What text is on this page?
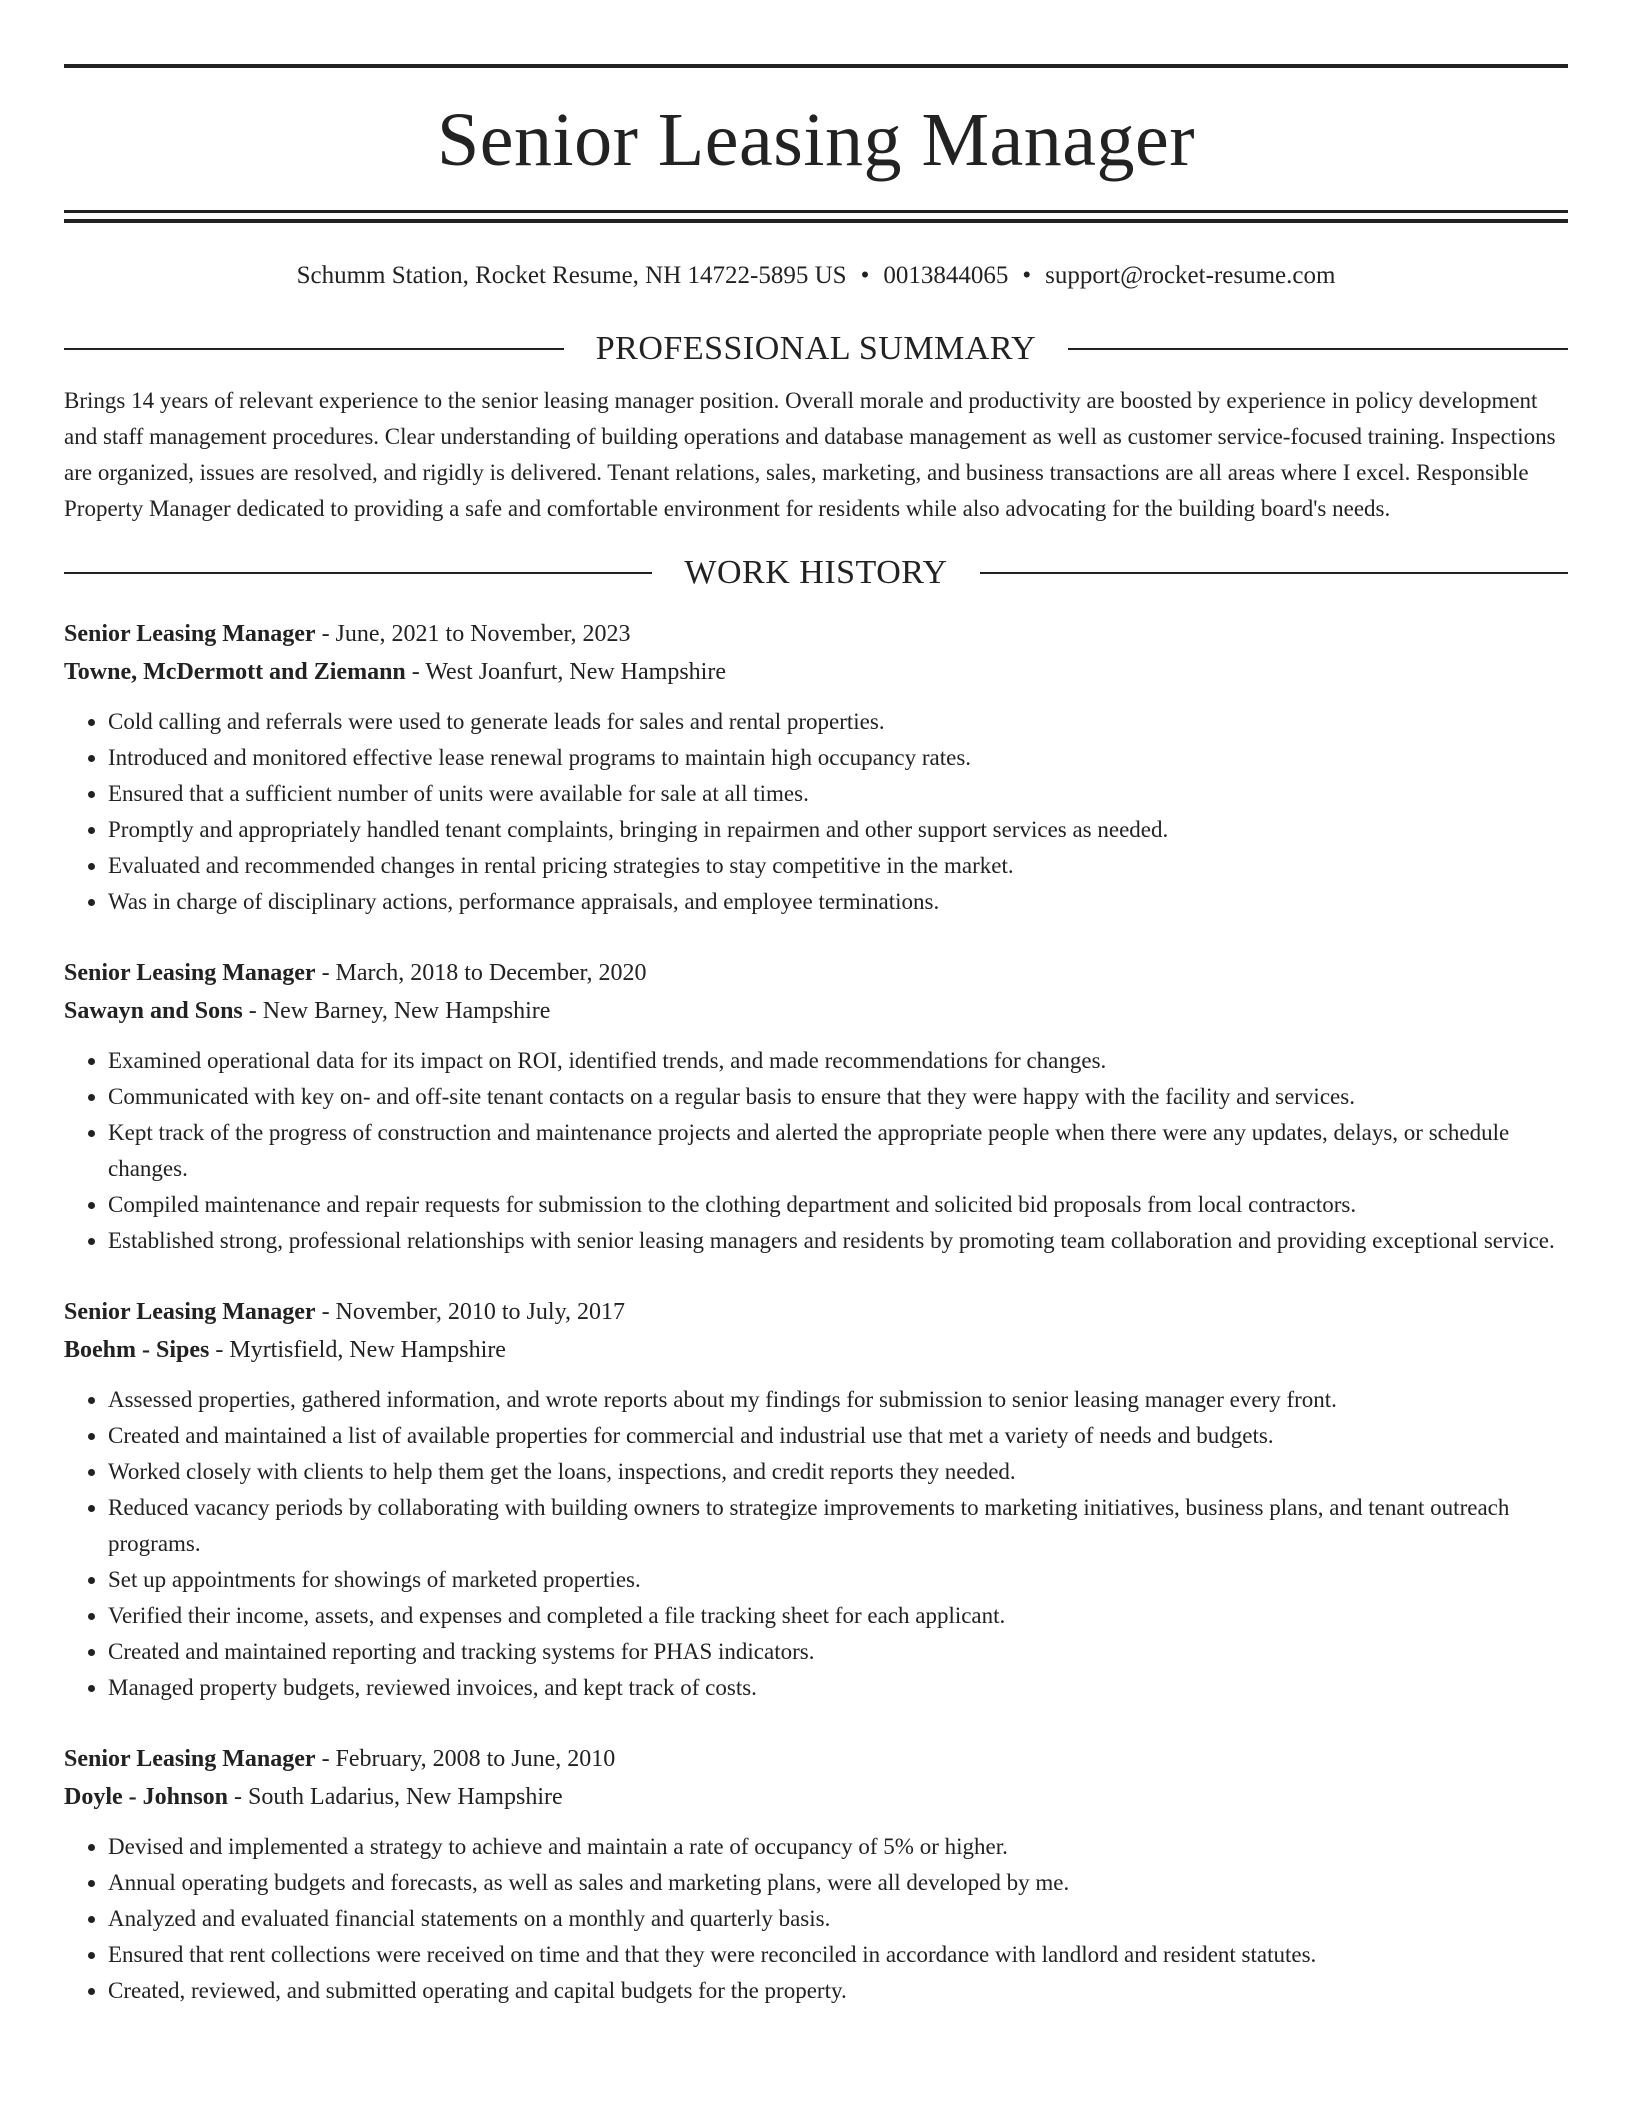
Senior Leasing Manager
Schumm Station, Rocket Resume, NH 14722-5895 US • 0013844065 • support@rocket-resume.com
PROFESSIONAL SUMMARY
Brings 14 years of relevant experience to the senior leasing manager position. Overall morale and productivity are boosted by experience in policy development and staff management procedures. Clear understanding of building operations and database management as well as customer service-focused training. Inspections are organized, issues are resolved, and rigidly is delivered. Tenant relations, sales, marketing, and business transactions are all areas where I excel. Responsible Property Manager dedicated to providing a safe and comfortable environment for residents while also advocating for the building board's needs.
WORK HISTORY
Senior Leasing Manager - June, 2021 to November, 2023
Towne, McDermott and Ziemann - West Joanfurt, New Hampshire
• Cold calling and referrals were used to generate leads for sales and rental properties.
• Introduced and monitored effective lease renewal programs to maintain high occupancy rates.
• Ensured that a sufficient number of units were available for sale at all times.
• Promptly and appropriately handled tenant complaints, bringing in repairmen and other support services as needed.
• Evaluated and recommended changes in rental pricing strategies to stay competitive in the market.
• Was in charge of disciplinary actions, performance appraisals, and employee terminations.
Senior Leasing Manager - March, 2018 to December, 2020
Sawayn and Sons - New Barney, New Hampshire
• Examined operational data for its impact on ROI, identified trends, and made recommendations for changes.
• Communicated with key on- and off-site tenant contacts on a regular basis to ensure that they were happy with the facility and services.
• Kept track of the progress of construction and maintenance projects and alerted the appropriate people when there were any updates, delays, or schedule changes.
• Compiled maintenance and repair requests for submission to the clothing department and solicited bid proposals from local contractors.
• Established strong, professional relationships with senior leasing managers and residents by promoting team collaboration and providing exceptional service.
Senior Leasing Manager - November, 2010 to July, 2017
Boehm - Sipes - Myrtisfield, New Hampshire
• Assessed properties, gathered information, and wrote reports about my findings for submission to senior leasing manager every front.
• Created and maintained a list of available properties for commercial and industrial use that met a variety of needs and budgets.
• Worked closely with clients to help them get the loans, inspections, and credit reports they needed.
• Reduced vacancy periods by collaborating with building owners to strategize improvements to marketing initiatives, business plans, and tenant outreach programs.
• Set up appointments for showings of marketed properties.
• Verified their income, assets, and expenses and completed a file tracking sheet for each applicant.
• Created and maintained reporting and tracking systems for PHAS indicators.
• Managed property budgets, reviewed invoices, and kept track of costs.
Senior Leasing Manager - February, 2008 to June, 2010
Doyle - Johnson - South Ladarius, New Hampshire
• Devised and implemented a strategy to achieve and maintain a rate of occupancy of 5% or higher.
• Annual operating budgets and forecasts, as well as sales and marketing plans, were all developed by me.
• Analyzed and evaluated financial statements on a monthly and quarterly basis.
• Ensured that rent collections were received on time and that they were reconciled in accordance with landlord and resident statutes.
• Created, reviewed, and submitted operating and capital budgets for the property.
